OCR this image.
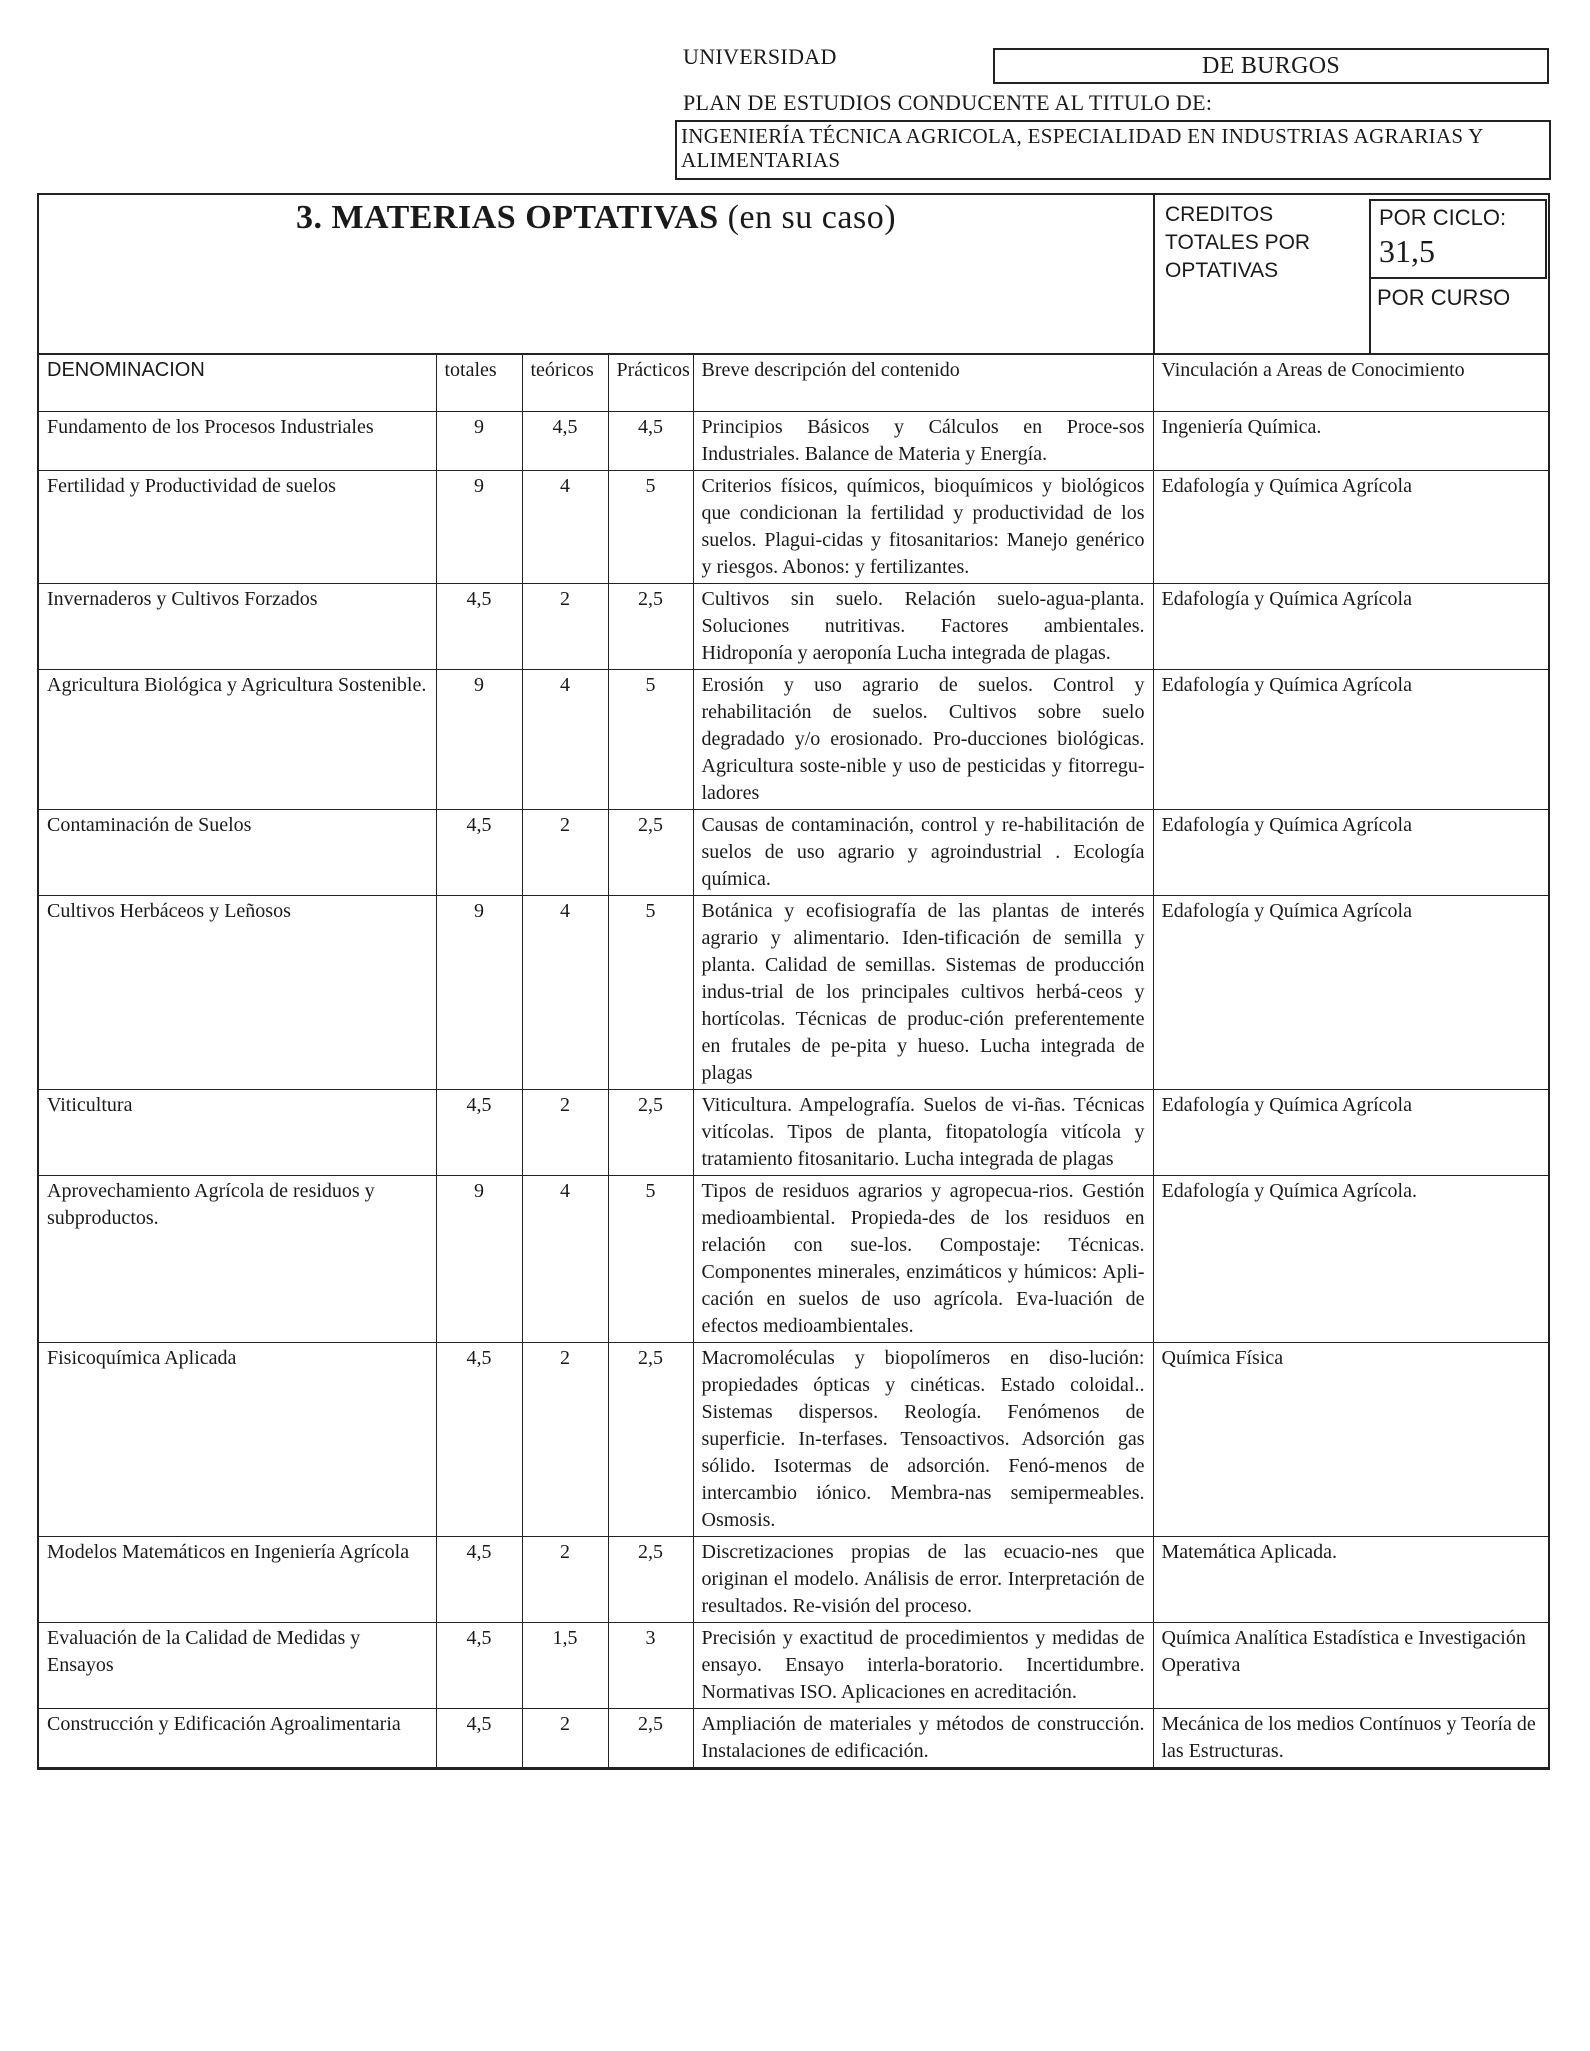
UNIVERSIDAD	DE BURGOS
PLAN DE ESTUDIOS CONDUCENTE AL TITULO DE:
INGENIERÍA TÉCNICA AGRICOLA, ESPECIALIDAD EN INDUSTRIAS AGRARIAS Y ALIMENTARIAS
3. MATERIAS OPTATIVAS (en su caso)	CREDITOS TOTALES POR OPTATIVAS
POR CICLO:
31,5
POR CURSO
DENOMINACION	totales	teóricos	Prácticos	Breve descripción del contenido	Vinculación a Areas de Conocimiento
Fundamento de los Procesos Industriales	9	4,5	4,5	Principios Básicos y Cálculos en Proce-sos Industriales. Balance de Materia y Energía.	Ingeniería Química.
Fertilidad y Productividad de suelos	9	4	5	Criterios físicos, químicos, bioquímicos y biológicos que condicionan la fertilidad y productividad de los suelos. Plagui-cidas y fitosanitarios: Manejo genérico y riesgos. Abonos: y fertilizantes.	Edafología y Química Agrícola
Invernaderos y Cultivos Forzados	4,5	2	2,5	Cultivos sin suelo. Relación suelo-agua-planta. Soluciones nutritivas. Factores ambientales. Hidroponía y aeroponía Lucha integrada de plagas.	Edafología y Química Agrícola
Agricultura Biológica y Agricultura Sostenible.	9	4	5	Erosión y uso agrario de suelos. Control y rehabilitación de suelos. Cultivos sobre suelo degradado y/o erosionado. Pro-ducciones biológicas. Agricultura soste-nible y uso de pesticidas y fitorregu-ladores	Edafología y Química Agrícola
Contaminación de Suelos	4,5	2	2,5	Causas de contaminación, control y re-habilitación de suelos de uso agrario y agroindustrial . Ecología química.	Edafología y Química Agrícola
Cultivos Herbáceos y Leñosos	9	4	5	Botánica y ecofisiografía de las plantas de interés agrario y alimentario. Iden-tificación de semilla y planta. Calidad de semillas. Sistemas de producción indus-trial de los principales cultivos herbá-ceos y hortícolas. Técnicas de produc-ción preferentemente en frutales de pe-pita y hueso. Lucha integrada de plagas	Edafología y Química Agrícola
Viticultura	4,5	2	2,5	Viticultura. Ampelografía. Suelos de vi-ñas. Técnicas vitícolas. Tipos de planta, fitopatología vitícola y tratamiento fitosanitario. Lucha integrada de plagas	Edafología y Química Agrícola
Aprovechamiento Agrícola de residuos y subproductos.	9	4	5	Tipos de residuos agrarios y agropecua-rios. Gestión medioambiental. Propieda-des de los residuos en relación con sue-los. Compostaje: Técnicas. Componentes minerales, enzimáticos y húmicos: Apli-cación en suelos de uso agrícola. Eva-luación de efectos medioambientales.	Edafología y Química Agrícola.
Fisicoquímica Aplicada	4,5	2	2,5	Macromoléculas y biopolímeros en diso-lución: propiedades ópticas y cinéticas. Estado coloidal.. Sistemas dispersos. Reología. Fenómenos de superficie. In-terfases. Tensoactivos. Adsorción gas sólido. Isotermas de adsorción. Fenó-menos de intercambio iónico. Membra-nas semipermeables. Osmosis.	Química Física
Modelos Matemáticos en Ingeniería Agrícola	4,5	2	2,5	Discretizaciones propias de las ecuacio-nes que originan el modelo. Análisis de error. Interpretación de resultados. Re-visión del proceso.	Matemática Aplicada.
Evaluación de la Calidad de Medidas y Ensayos	4,5	1,5	3	Precisión y exactitud de procedimientos y medidas de ensayo. Ensayo interla-boratorio. Incertidumbre. Normativas ISO. Aplicaciones en acreditación.	Química Analítica Estadística e Investigación Operativa
Construcción y Edificación Agroalimentaria	4,5	2	2,5	Ampliación de materiales y métodos de construcción. Instalaciones de edificación.	Mecánica de los medios Contínuos y Teoría de las Estructuras.
